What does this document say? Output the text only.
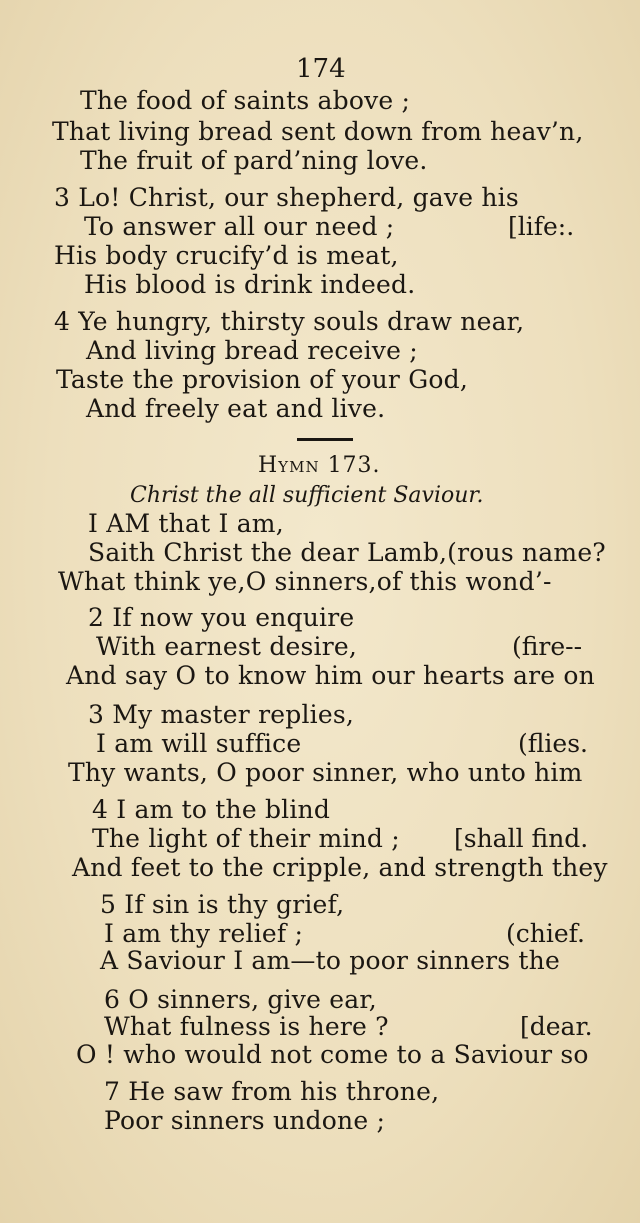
174
The food of saints above ;
That living bread sent down from heav’n,
The fruit of pard’ning love.
3 Lo! Christ, our shepherd, gave his
To answer all our need ;	[life:.
His body crucify’d is meat,
His blood is drink indeed.
4 Ye hungry, thirsty souls draw near,
And living bread receive ;
Taste the provision of your God,
And freely eat and live.
Hymn 173.
Christ the all sufficient Saviour.
I AM that I am,
Saith Christ the dear Lamb,(rous name?
What think ye,O sinners,of this wond’-
2 If now you enquire
With earnest desire,	(fire--
And say O to know him our hearts are on
3 My master replies,
I am will suffice	(flies.
Thy wants, O poor sinner, who unto him
4 I am to the blind
The light of their mind ; [shall find.
And feet to the cripple, and strength they
5 If sin is thy grief,
I am thy relief ;	(chief.
A Saviour I am—to poor sinners the
6 O sinners, give ear,
What fulness is here ?	[dear.
O ! who would not come to a Saviour so
7 He saw from his throne,
Poor sinners undone ;
